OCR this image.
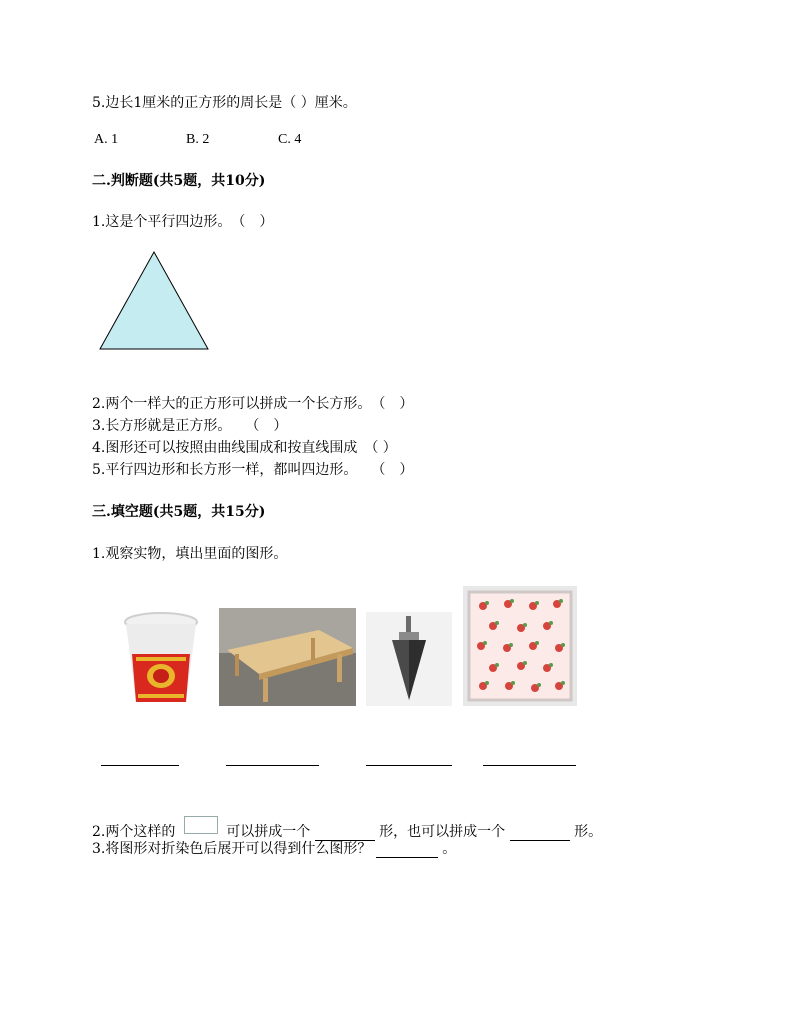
5.边长1厘米的正方形的周长是（ ）厘米。
A. 1	B. 2	C. 4
二.判断题(共5题，共10分)
1.这是个平行四边形。　（　）
2.两个一样大的正方形可以拼成一个长方形。　（　）
3.长方形就是正方形。　　（　）
4.图形还可以按照由曲线围成和按直线围成　（ ）
5.平行四边形和长方形一样，都叫四边形。　　（　）
三.填空题(共5题，共15分)
1.观察实物，填出里面的图形。
2.两个这样的	可以拼成一个	形，也可以拼成一个	形。
3.将图形对折染色后展开可以得到什么图形？	。
